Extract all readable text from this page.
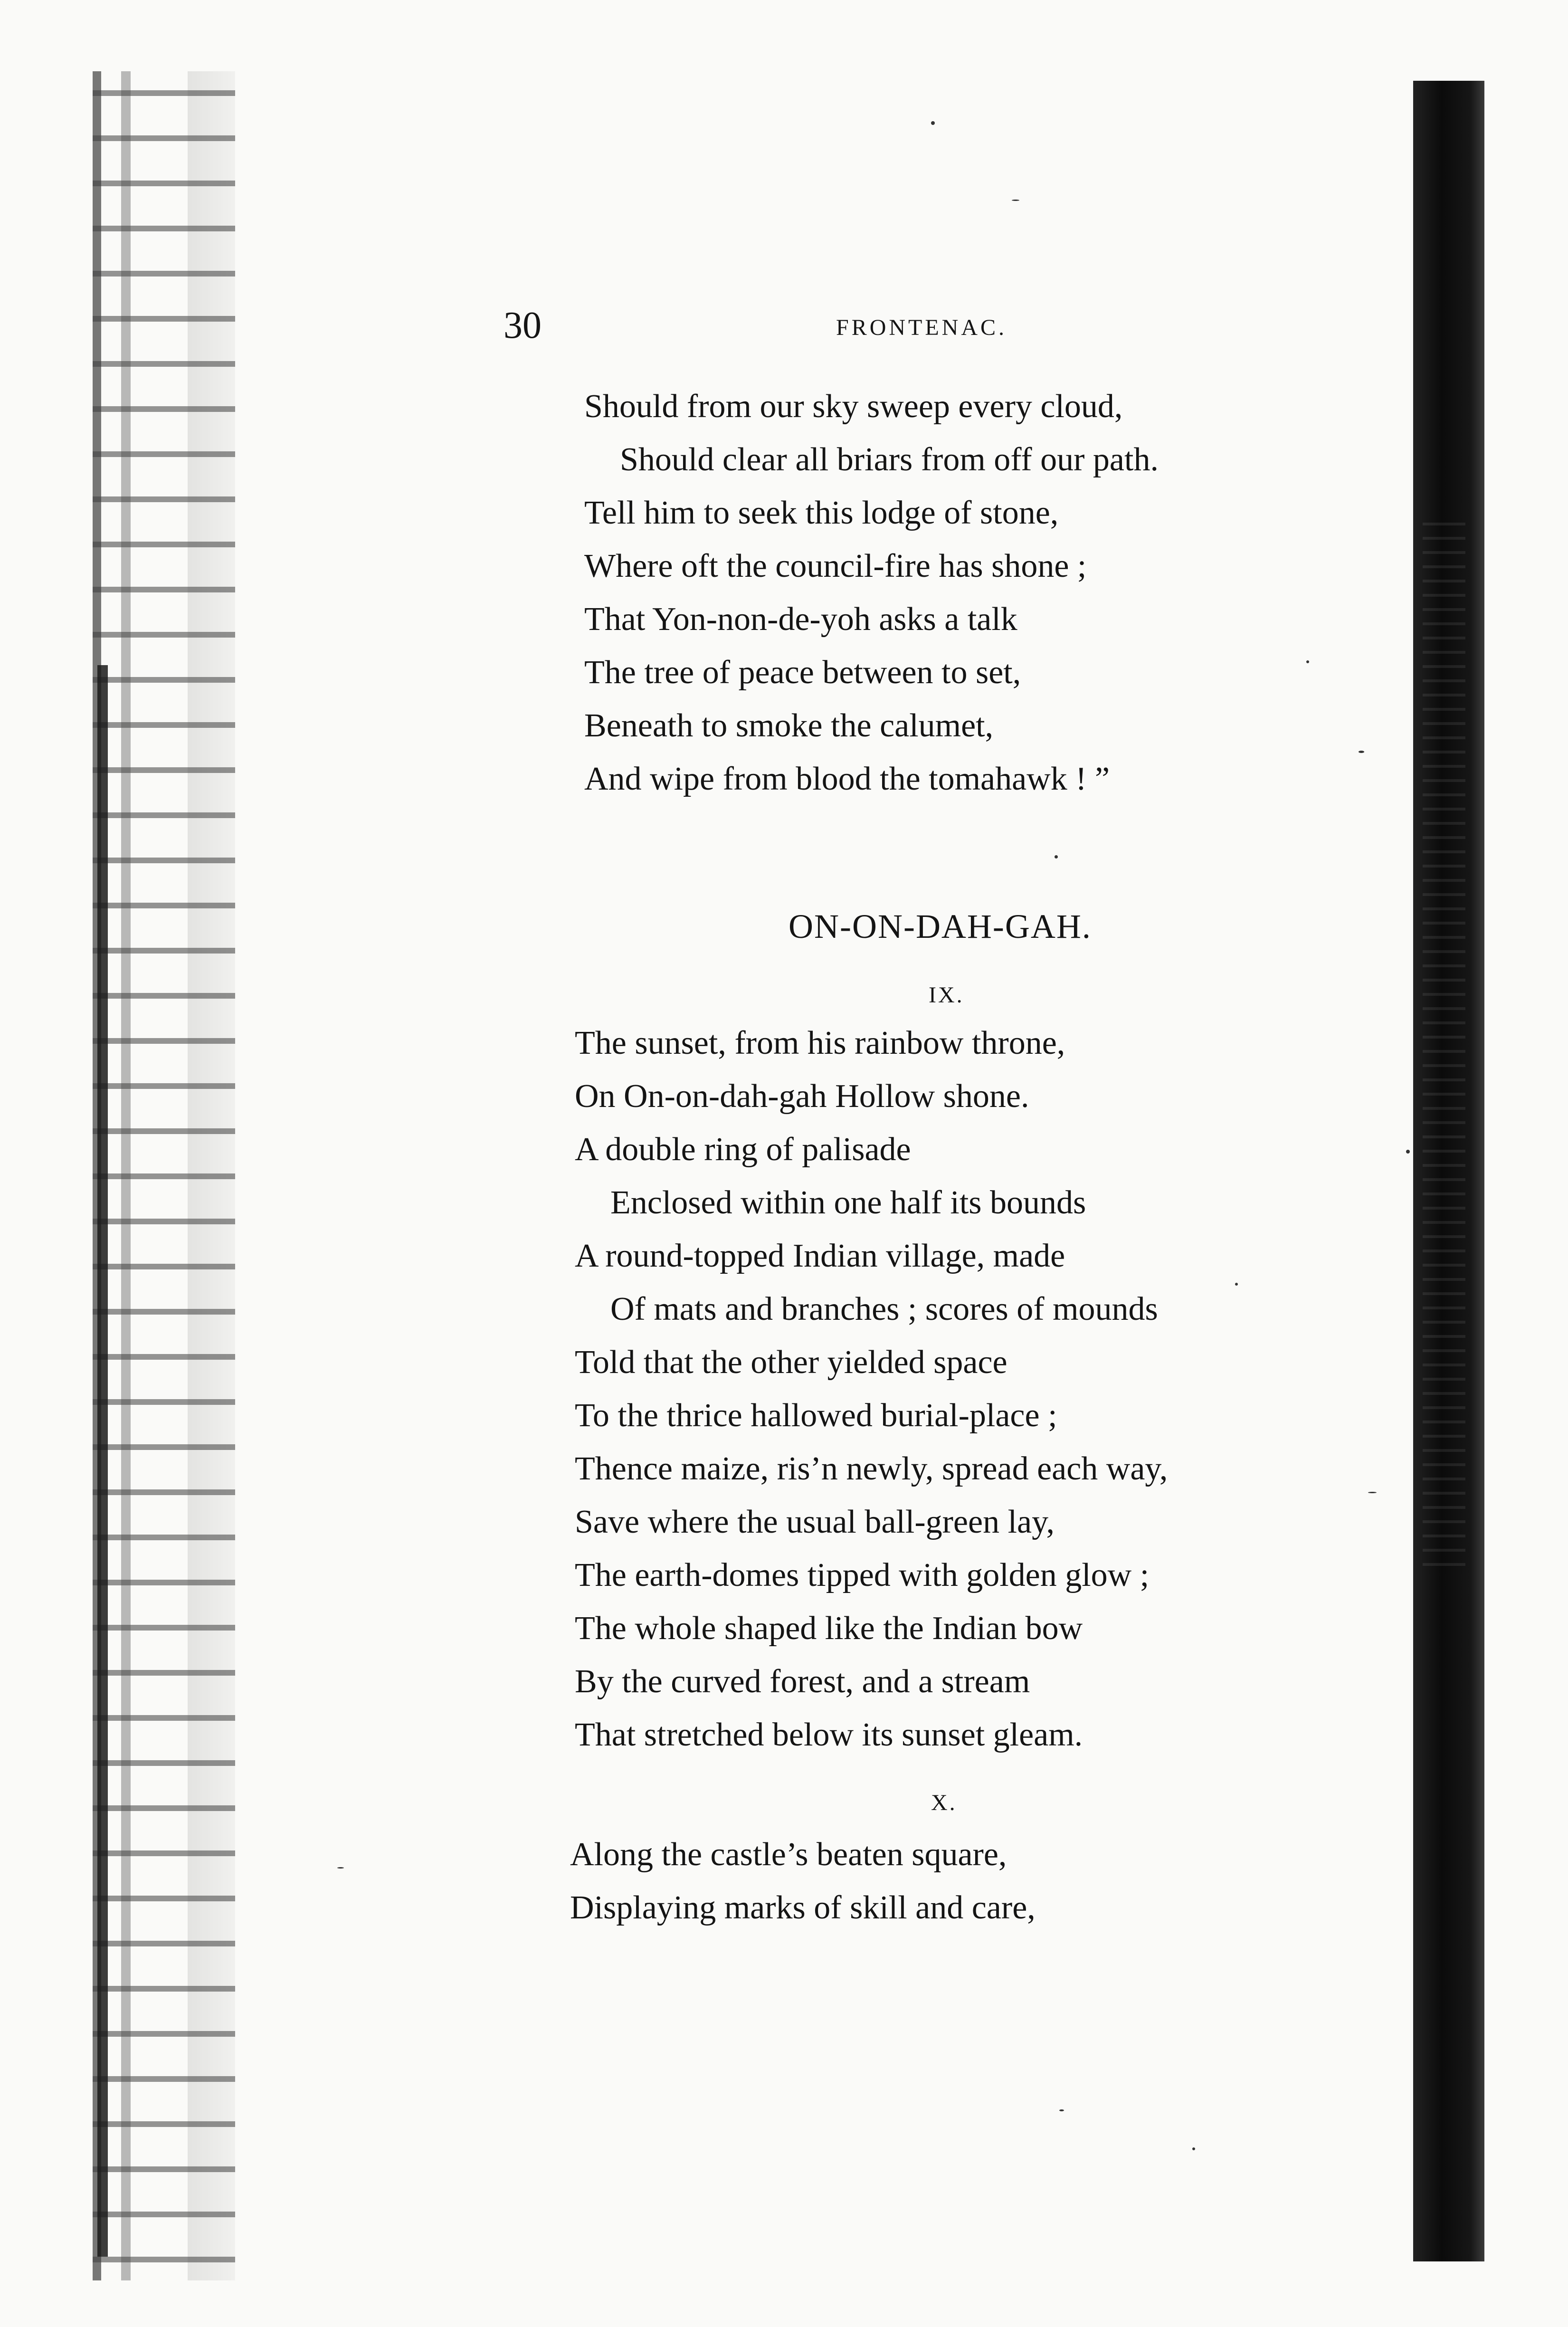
30	FRONTENAC.
Should from our sky sweep every cloud,
Should clear all briars from off our path.
Tell him to seek this lodge of stone,
Where oft the council-fire has shone ;
That Yon-non-de-yoh asks a talk
The tree of peace between to set,
Beneath to smoke the calumet,
And wipe from blood the tomahawk ! ”
ON-ON-DAH-GAH.
IX.
The sunset, from his rainbow throne,
On On-on-dah-gah Hollow shone.
A double ring of palisade
Enclosed within one half its bounds
A round-topped Indian village, made
Of mats and branches ; scores of mounds
Told that the other yielded space
To the thrice hallowed burial-place ;
Thence maize, ris’n newly, spread each way,
Save where the usual ball-green lay,
The earth-domes tipped with golden glow ;
The whole shaped like the Indian bow
By the curved forest, and a stream
That stretched below its sunset gleam.
X.
Along the castle’s beaten square,
Displaying marks of skill and care,
